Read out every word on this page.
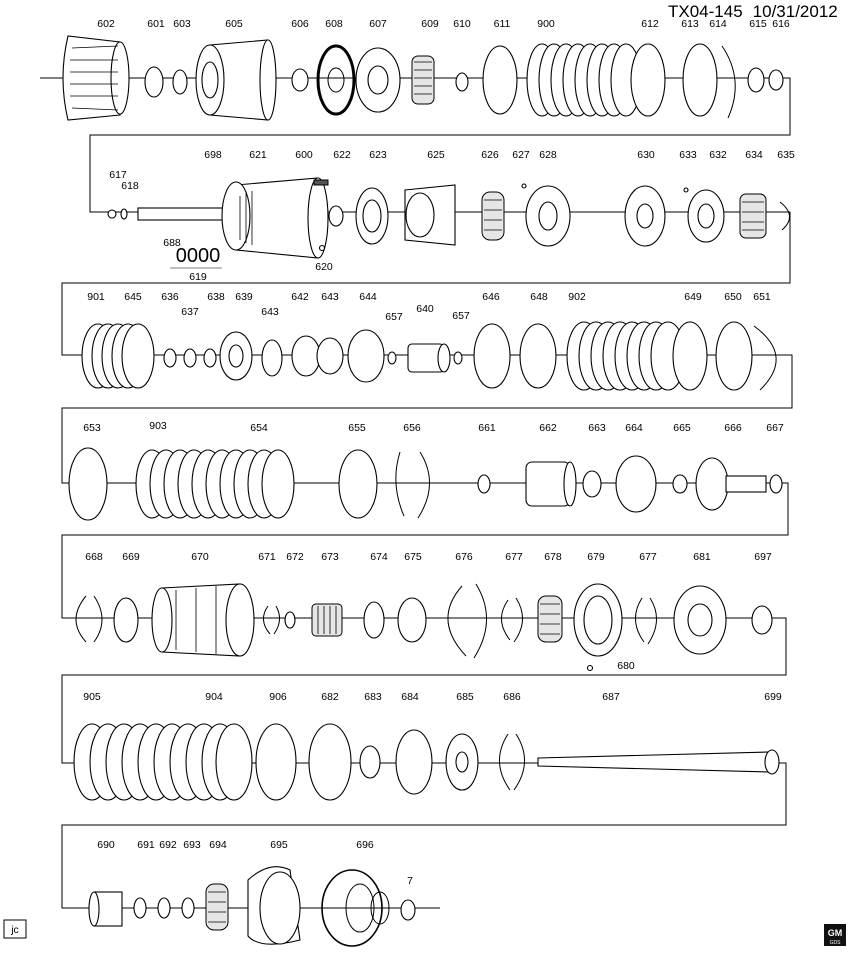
TX04-145 10/31/2012
602	601 603	605	606 608	607	609 610 611	900	612 613 614 615 616
617
618
698
688
621	600
620
622 623	625	626 627 628	630 633 632 634 635
619
901 645 636
637
638 639
643
642 643 644
657
640
657
646	648 902	649 650 651
653	903	654	655	656	661	662	663 664	665	666 667
668 669	670	671 672 673	674 675	676	677 678 679	677	681	697
680
905	904	906	682 683 684	685	686	687	699
690 691 692 693 694	695	696
7
0000
jc	GM
GDS
